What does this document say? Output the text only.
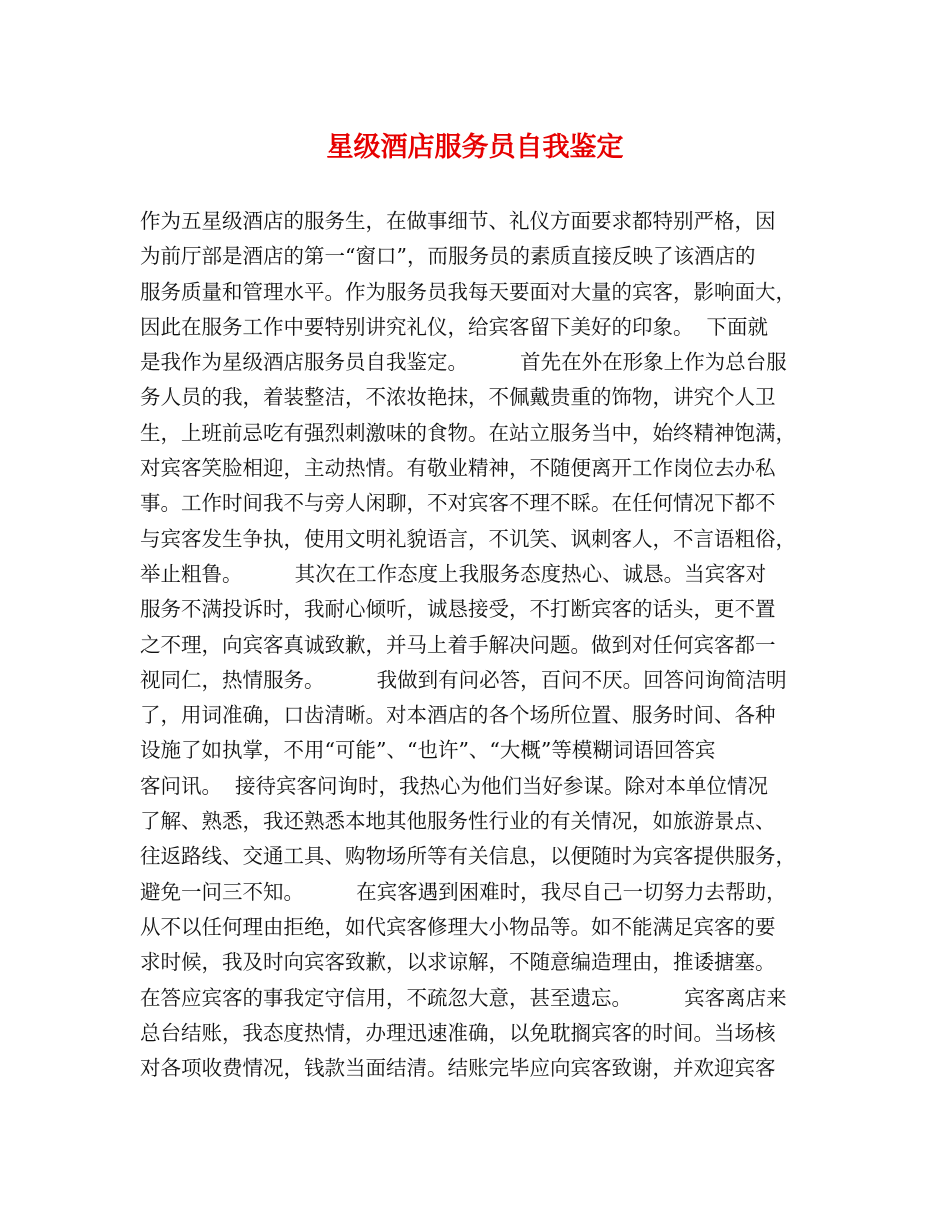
星级酒店服务员自我鉴定
作为五星级酒店的服务生，在做事细节、礼仪方面要求都特别严格，因
为前厅部是酒店的第一“窗口”，而服务员的素质直接反映了该酒店的
服务质量和管理水平。作为服务员我每天要面对大量的宾客，影响面大，
因此在服务工作中要特别讲究礼仪，给宾客留下美好的印象。  下面就
是我作为星级酒店服务员自我鉴定。        首先在外在形象上作为总台服
务人员的我，着装整洁，不浓妆艳抹，不佩戴贵重的饰物，讲究个人卫
生，上班前忌吃有强烈刺激味的食物。在站立服务当中，始终精神饱满，
对宾客笑脸相迎，主动热情。有敬业精神，不随便离开工作岗位去办私
事。工作时间我不与旁人闲聊，不对宾客不理不睬。在任何情况下都不
与宾客发生争执，使用文明礼貌语言，不讥笑、讽刺客人，不言语粗俗，
举止粗鲁。        其次在工作态度上我服务态度热心、诚恳。当宾客对
服务不满投诉时，我耐心倾听，诚恳接受，不打断宾客的话头，更不置
之不理，向宾客真诚致歉，并马上着手解决问题。做到对任何宾客都一
视同仁，热情服务。        我做到有问必答，百问不厌。回答问询简洁明
了，用词准确，口齿清晰。对本酒店的各个场所位置、服务时间、各种
设施了如执掌，不用“可能”、“也许”、“大概”等模糊词语回答宾
客问讯。  接待宾客问询时，我热心为他们当好参谋。除对本单位情况
了解、熟悉，我还熟悉本地其他服务性行业的有关情况，如旅游景点、
往返路线、交通工具、购物场所等有关信息，以便随时为宾客提供服务，
避免一问三不知。        在宾客遇到困难时，我尽自己一切努力去帮助，
从不以任何理由拒绝，如代宾客修理大小物品等。如不能满足宾客的要
求时候，我及时向宾客致歉，以求谅解，不随意编造理由，推诿搪塞。
在答应宾客的事我定守信用，不疏忽大意，甚至遗忘。        宾客离店来
总台结账，我态度热情，办理迅速准确，以免耽搁宾客的时间。当场核
对各项收费情况，钱款当面结清。结账完毕应向宾客致谢，并欢迎宾客
